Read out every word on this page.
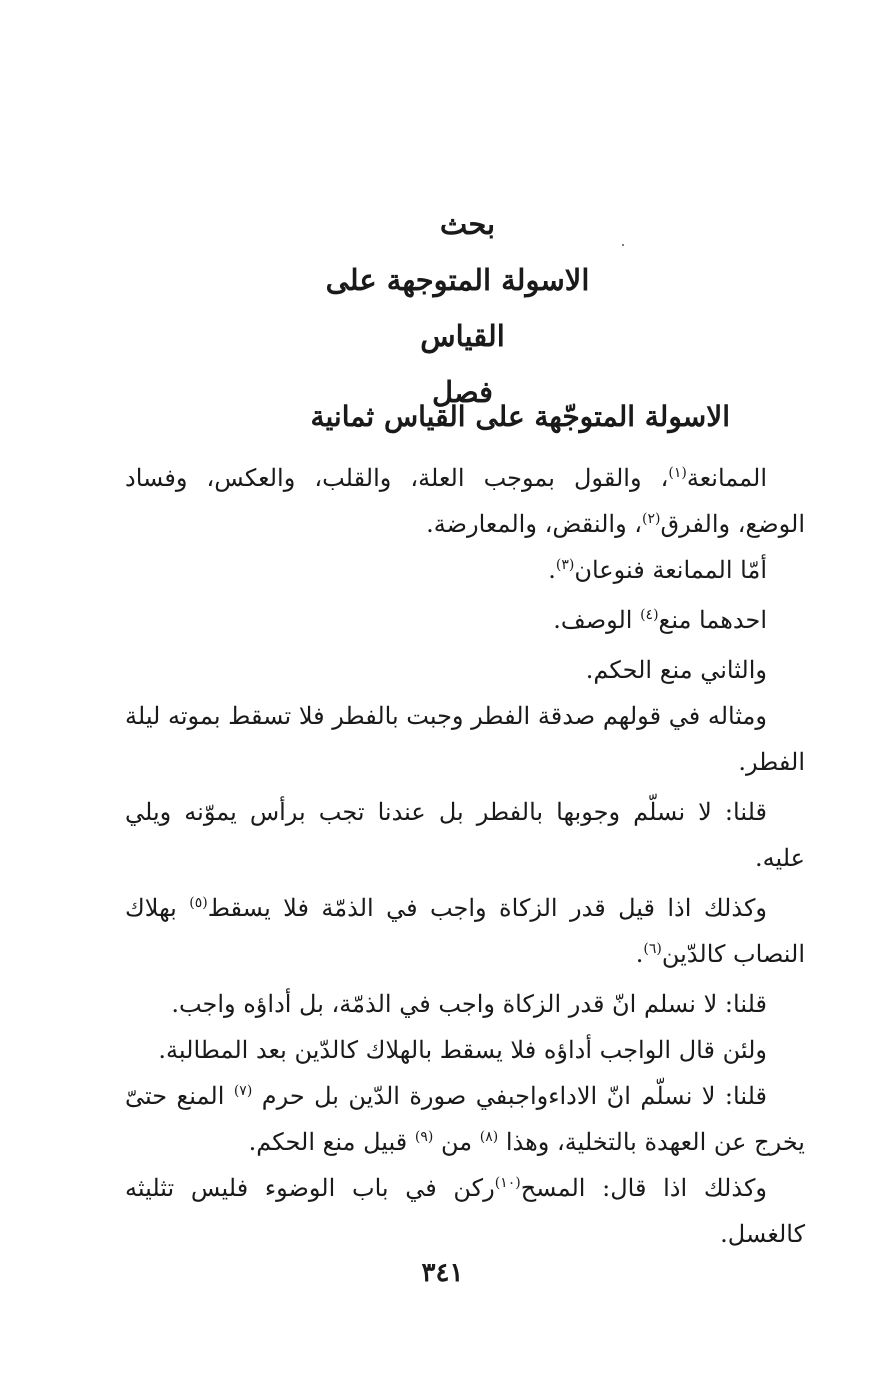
بحث

الاسولة المتوجهة على

القياس

فصل

الاسولة المتوجّهة على القياس ثمانية

الممانعة$^{(١)}$، والقول بموجب العلة، والقلب، والعكس، وفساد الوضع، والفرق$^{(٢)}$، والنقض، والمعارضة.

أمّا الممانعة فنوعان$^{(٣)}$.

احدهما منع$^{(٤)}$ الوصف.

والثاني منع الحكم.

ومثاله في قولهم صدقة الفطر وجبت بالفطر فلا تسقط بموته ليلة الفطر.

قلنا: لا نسلّم وجوبها بالفطر بل عندنا تجب برأس يموّنه ويلي عليه.

وكذلك اذا قيل قدر الزكاة واجب في الذمّة فلا يسقط$^{(٥)}$ بهلاك النصاب كالدّين$^{(٦)}$.

قلنا: لا نسلم انّ قدر الزكاة واجب في الذمّة، بل أداؤه واجب.

ولئن قال الواجب أداؤه فلا يسقط بالهلاك كالدّين بعد المطالبة.

قلنا: لا نسلّم انّ الاداءواجبفي صورة الدّين بل حرم $^{(٧)}$ المنع حتىّ يخرج عن العهدة بالتخلية، وهذا $^{(٨)}$ من $^{(٩)}$ قبيل منع الحكم.

وكذلك اذا قال: المسح$^{(١٠)}$ركن في باب الوضوء فليس تثليثه كالغسل.

٣٤١
